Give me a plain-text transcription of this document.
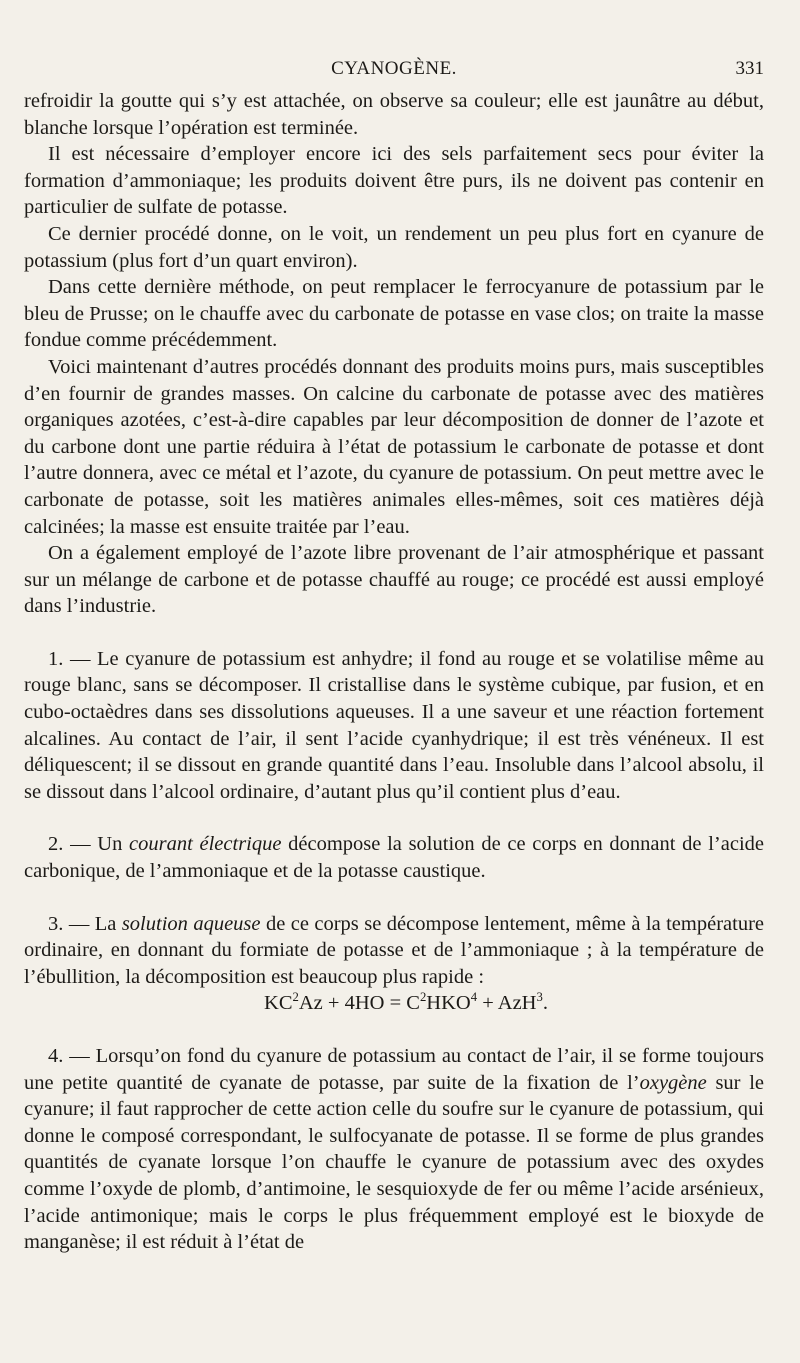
CYANOGÈNE.	331

refroidir la goutte qui s’y est attachée, on observe sa couleur; elle est jaunâtre au début, blanche lorsque l’opération est terminée.

Il est nécessaire d’employer encore ici des sels parfaitement secs pour éviter la formation d’ammoniaque; les produits doivent être purs, ils ne doivent pas contenir en particulier de sulfate de potasse.

Ce dernier procédé donne, on le voit, un rendement un peu plus fort en cyanure de potassium (plus fort d’un quart environ).

Dans cette dernière méthode, on peut remplacer le ferrocyanure de potassium par le bleu de Prusse; on le chauffe avec du carbonate de potasse en vase clos; on traite la masse fondue comme précédemment.

Voici maintenant d’autres procédés donnant des produits moins purs, mais susceptibles d’en fournir de grandes masses. On calcine du carbonate de potasse avec des matières organiques azotées, c’est-à-dire capables par leur décomposition de donner de l’azote et du carbone dont une partie réduira à l’état de potassium le carbonate de potasse et dont l’autre donnera, avec ce métal et l’azote, du cyanure de potassium. On peut mettre avec le carbonate de potasse, soit les matières animales elles-mêmes, soit ces matières déjà calcinées; la masse est ensuite traitée par l’eau.

On a également employé de l’azote libre provenant de l’air atmosphérique et passant sur un mélange de carbone et de potasse chauffé au rouge; ce procédé est aussi employé dans l’industrie.

1. — Le cyanure de potassium est anhydre; il fond au rouge et se volatilise même au rouge blanc, sans se décomposer. Il cristallise dans le système cubique, par fusion, et en cubo-octaèdres dans ses dissolutions aqueuses. Il a une saveur et une réaction fortement alcalines. Au contact de l’air, il sent l’acide cyanhydrique; il est très vénéneux. Il est déliquescent; il se dissout en grande quantité dans l’eau. Insoluble dans l’alcool absolu, il se dissout dans l’alcool ordinaire, d’autant plus qu’il contient plus d’eau.

2. — Un courant électrique décompose la solution de ce corps en donnant de l’acide carbonique, de l’ammoniaque et de la potasse caustique.

3. — La solution aqueuse de ce corps se décompose lentement, même à la température ordinaire, en donnant du formiate de potasse et de l’ammoniaque ; à la température de l’ébullition, la décomposition est beaucoup plus rapide :

$KC^2Az + 4HO = C^2HKO^4 + AzH^3$.

4. — Lorsqu’on fond du cyanure de potassium au contact de l’air, il se forme toujours une petite quantité de cyanate de potasse, par suite de la fixation de l’oxygène sur le cyanure; il faut rapprocher de cette action celle du soufre sur le cyanure de potassium, qui donne le composé correspondant, le sulfocyanate de potasse. Il se forme de plus grandes quantités de cyanate lorsque l’on chauffe le cyanure de potassium avec des oxydes comme l’oxyde de plomb, d’antimoine, le sesquioxyde de fer ou même l’acide arsénieux, l’acide antimonique; mais le corps le plus fréquemment employé est le bioxyde de manganèse; il est réduit à l’état de
